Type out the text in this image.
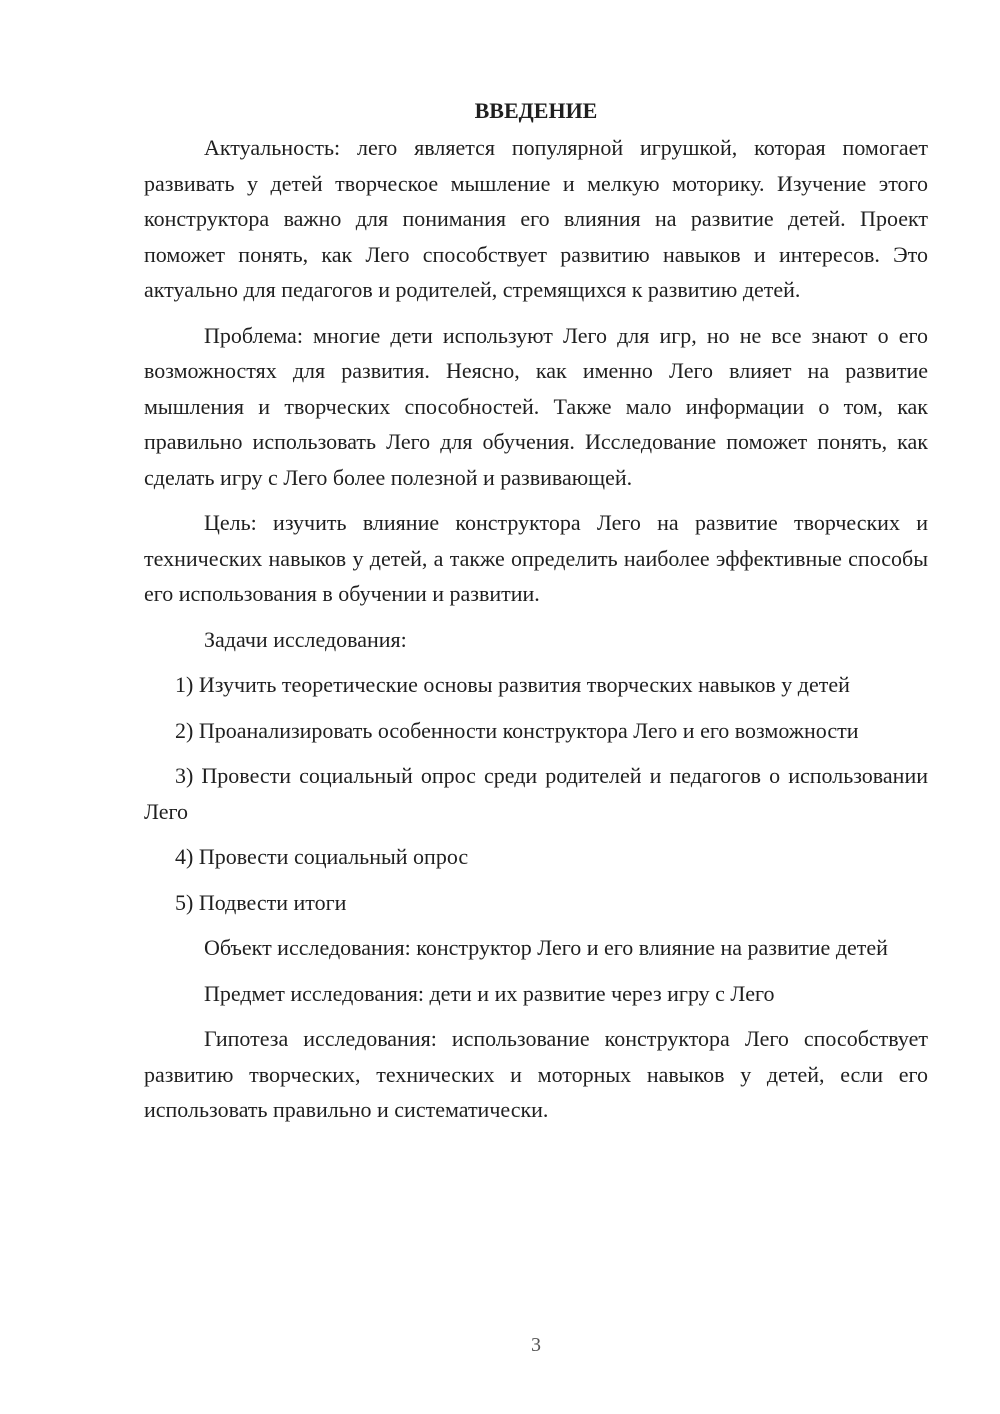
ВВЕДЕНИЕ

Актуальность: лего является популярной игрушкой, которая помогает развивать у детей творческое мышление и мелкую моторику. Изучение этого конструктора важно для понимания его влияния на развитие детей. Проект поможет понять, как Лего способствует развитию навыков и интересов. Это актуально для педагогов и родителей, стремящихся к развитию детей.

Проблема: многие дети используют Лего для игр, но не все знают о его возможностях для развития. Неясно, как именно Лего влияет на развитие мышления и творческих способностей. Также мало информации о том, как правильно использовать Лего для обучения. Исследование поможет понять, как сделать игру с Лего более полезной и развивающей.

Цель: изучить влияние конструктора Лего на развитие творческих и технических навыков у детей, а также определить наиболее эффективные способы его использования в обучении и развитии.

Задачи исследования:

1) Изучить теоретические основы развития творческих навыков у детей

2) Проанализировать особенности конструктора Лего и его возможности

3) Провести социальный опрос среди родителей и педагогов о использовании Лего

4) Провести социальный опрос

5) Подвести итоги

Объект исследования: конструктор Лего и его влияние на развитие детей

Предмет исследования: дети и их развитие через игру с Лего

Гипотеза исследования: использование конструктора Лего способствует развитию творческих, технических и моторных навыков у детей, если его использовать правильно и систематически.

3
